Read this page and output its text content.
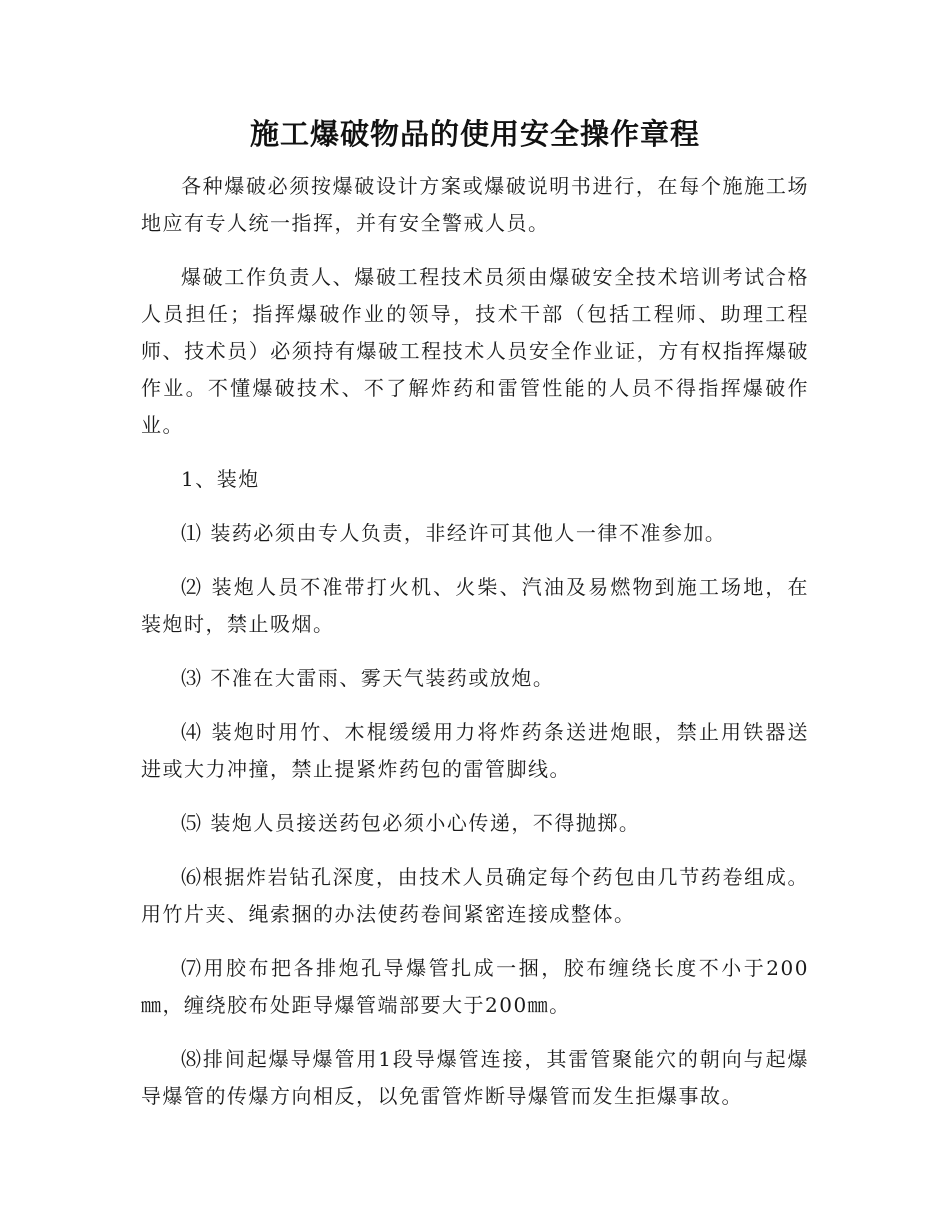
施工爆破物品的使用安全操作章程

各种爆破必须按爆破设计方案或爆破说明书进行，在每个施施工场地应有专人统一指挥，并有安全警戒人员。

爆破工作负责人、爆破工程技术员须由爆破安全技术培训考试合格人员担任；指挥爆破作业的领导，技术干部（包括工程师、助理工程师、技术员）必须持有爆破工程技术人员安全作业证，方有权指挥爆破作业。不懂爆破技术、不了解炸药和雷管性能的人员不得指挥爆破作业。

1、装炮

⑴ 装药必须由专人负责，非经许可其他人一律不准参加。

⑵ 装炮人员不准带打火机、火柴、汽油及易燃物到施工场地，在装炮时，禁止吸烟。

⑶ 不准在大雷雨、雾天气装药或放炮。

⑷ 装炮时用竹、木棍缓缓用力将炸药条送进炮眼，禁止用铁器送进或大力冲撞，禁止提紧炸药包的雷管脚线。

⑸ 装炮人员接送药包必须小心传递，不得抛掷。

⑹根据炸岩钻孔深度，由技术人员确定每个药包由几节药卷组成。用竹片夹、绳索捆的办法使药卷间紧密连接成整体。

⑺用胶布把各排炮孔导爆管扎成一捆，胶布缠绕长度不小于200㎜，缠绕胶布处距导爆管端部要大于200㎜。

⑻排间起爆导爆管用1段导爆管连接，其雷管聚能穴的朝向与起爆导爆管的传爆方向相反，以免雷管炸断导爆管而发生拒爆事故。
